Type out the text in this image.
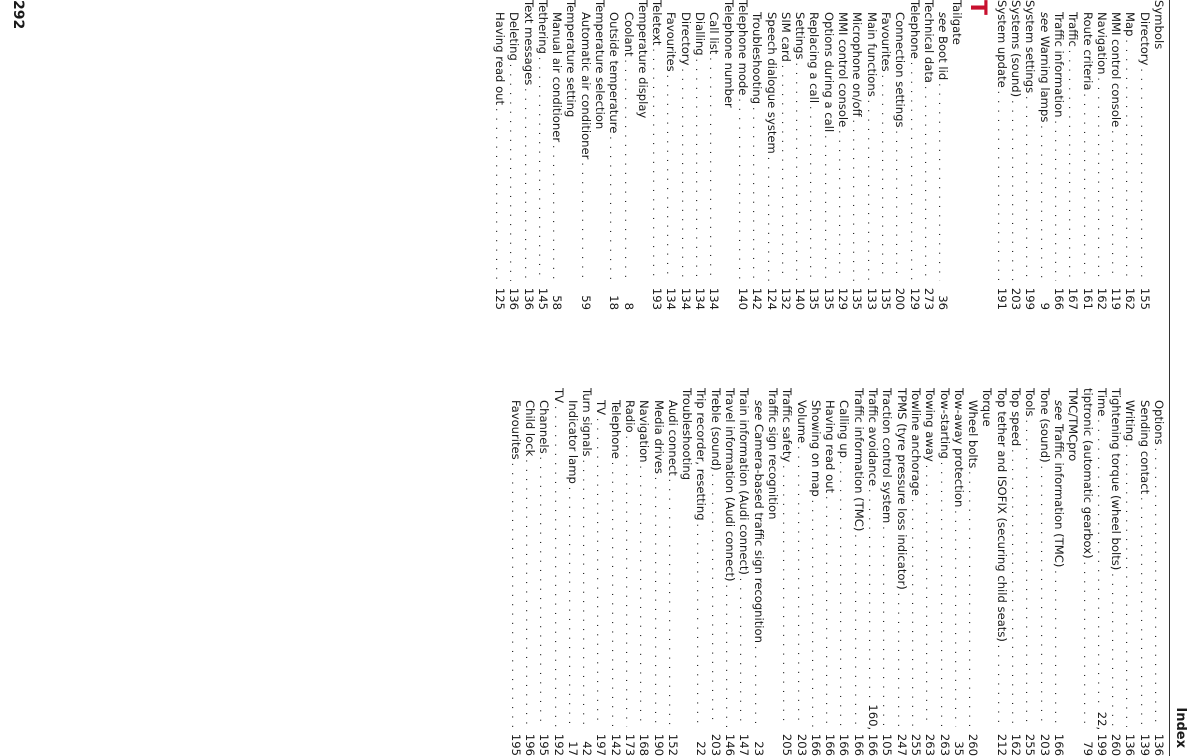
Index
Symbols
Directory
. . .
155
Map
. . .
162
MMI control console
. . .
119
Navigation
. . .
162
Route criteria
. . .
161
Traffic
. . .
167
Traffic information
. . .
166
see Warning lamps
. . .
9
System settings
. . .
199
Systems (sound)
. . .
203
System update
. . .
191
T
Tailgate
see Boot lid
. . .
36
Technical data
. . .
273
Telephone
. . .
129
Connection settings
. . .
200
Favourites
. . .
135
Main functions
. . .
133
Microphone on/off
. . .
135
MMI control console
. . .
129
Options during a call
. . .
135
Replacing a call
. . .
135
Settings
. . .
140
SIM card
. . .
132
Speech dialogue system
. . .
124
Troubleshooting
. . .
142
Telephone mode
. . .
140
Telephone number
Call list
. . .
134
Dialling
. . .
134
Directory
. . .
134
Favourites
. . .
134
Teletext
. . .
193
Temperature display
Coolant
. . .
8
Outside temperature
. . .
18
Temperature selection
Automatic air conditioner
. . .
59
Temperature setting
Manual air conditioner
. . .
58
Tethering
. . .
145
Text messages
. . .
136
Deleting
. . .
136
Having read out
. . .
125
Options
. . .
136
Sending contact
. . .
139
Writing
. . .
136
Tightening torque (wheel bolts)
. . .
260
Time
. . .
22, 199
tiptronic (automatic gearbox)
. . .
79
TMC/TMCpro
see Traffic information (TMC)
. . .
166
Tone (sound)
. . .
203
Tools
. . .
255
Top speed
. . .
162
Top tether and ISOFIX (securing child seats)
. . .
212
Torque
Wheel bolts
. . .
260
Tow-away protection
. . .
35
Tow-starting
. . .
263
Towing away
. . .
263
Towline anchorage
. . .
255
TPMS (tyre pressure loss indicator)
. . .
247
Traction control system
. . .
105
Traffic avoidance
. . .
160, 166
Traffic information (TMC)
. . .
166
Calling up
. . .
166
Having read out
. . .
166
Showing on map
. . .
166
Volume
. . .
203
Traffic safety
. . .
205
Traffic sign recognition
see Camera-based traffic sign recognition
. . .
23
Train information (Audi connect)
. . .
147
Travel information (Audi connect)
. . .
146
Treble (sound)
. . .
203
Trip recorder, resetting
. . .
22
Troubleshooting
Audi connect
. . .
152
Media drives
. . .
190
Navigation
. . .
168
Radio
. . .
173
Telephone
. . .
142
TV
. . .
197
Turn signals
. . .
42
Indicator lamp
. . .
17
TV
. . .
192
Channels
. . .
195
Child lock
. . .
196
Favourites
. . .
195
292
